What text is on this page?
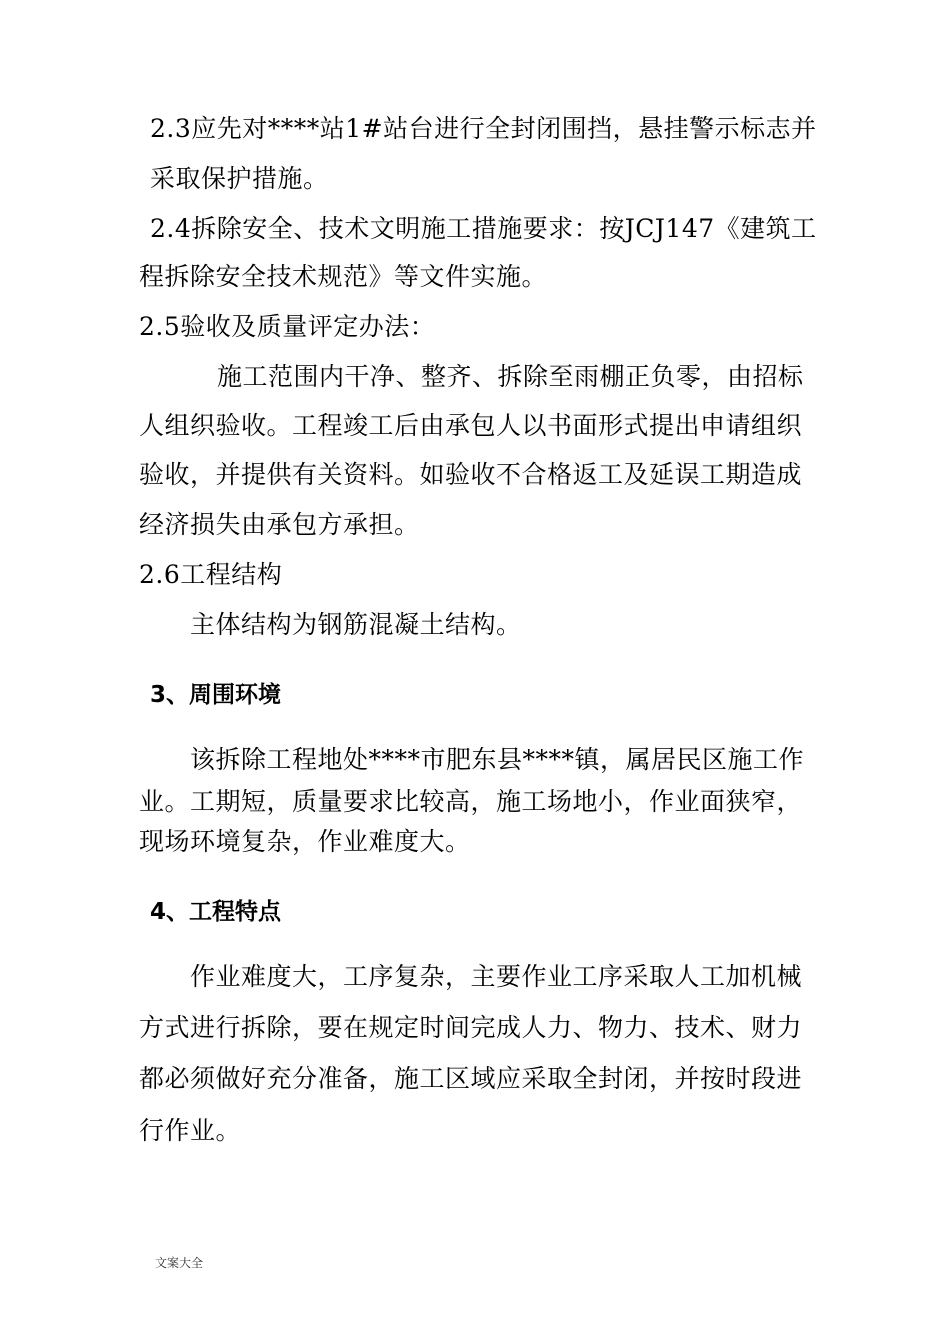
2.3应先对****站1#站台进行全封闭围挡，悬挂警示标志并

采取保护措施。

2.4拆除安全、技术文明施工措施要求：按JCJ147《建筑工

程拆除安全技术规范》等文件实施。

2.5验收及质量评定办法：

施工范围内干净、整齐、拆除至雨棚正负零，由招标

人组织验收。工程竣工后由承包人以书面形式提出申请组织

验收，并提供有关资料。如验收不合格返工及延误工期造成

经济损失由承包方承担。

2.6工程结构

主体结构为钢筋混凝土结构。

3、周围环境

该拆除工程地处****市肥东县****镇，属居民区施工作

业。工期短，质量要求比较高，施工场地小，作业面狭窄，

现场环境复杂，作业难度大。

4、工程特点

作业难度大，工序复杂，主要作业工序采取人工加机械

方式进行拆除，要在规定时间完成人力、物力、技术、财力

都必须做好充分准备，施工区域应采取全封闭，并按时段进

行作业。

文案大全
